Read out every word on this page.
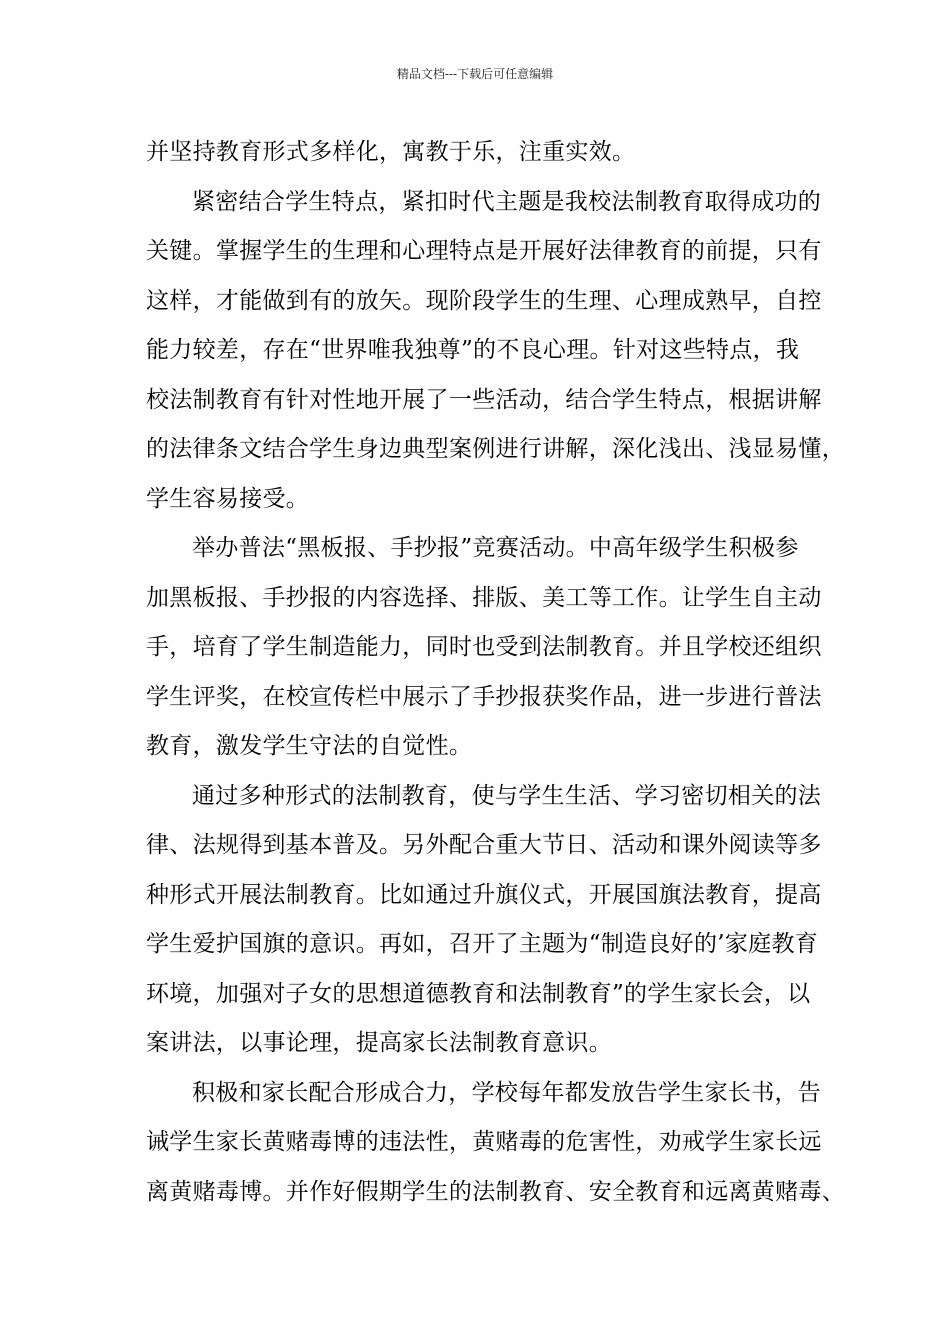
精品文档---下载后可任意编辑

并坚持教育形式多样化，寓教于乐，注重实效。

紧密结合学生特点，紧扣时代主题是我校法制教育取得成功的

关键。掌握学生的生理和心理特点是开展好法律教育的前提，只有

这样，才能做到有的放矢。现阶段学生的生理、心理成熟早，自控

能力较差，存在“世界唯我独尊”的不良心理。针对这些特点，我

校法制教育有针对性地开展了一些活动，结合学生特点，根据讲解

的法律条文结合学生身边典型案例进行讲解，深化浅出、浅显易懂，

学生容易接受。

举办普法“黑板报、手抄报”竞赛活动。中高年级学生积极参

加黑板报、手抄报的内容选择、排版、美工等工作。让学生自主动

手，培育了学生制造能力，同时也受到法制教育。并且学校还组织

学生评奖，在校宣传栏中展示了手抄报获奖作品，进一步进行普法

教育，激发学生守法的自觉性。

通过多种形式的法制教育，使与学生生活、学习密切相关的法

律、法规得到基本普及。另外配合重大节日、活动和课外阅读等多

种形式开展法制教育。比如通过升旗仪式，开展国旗法教育，提高

学生爱护国旗的意识。再如，召开了主题为“制造良好的’家庭教育

环境，加强对子女的思想道德教育和法制教育”的学生家长会，以

案讲法，以事论理，提高家长法制教育意识。

积极和家长配合形成合力，学校每年都发放告学生家长书，告

诫学生家长黄赌毒博的违法性，黄赌毒的危害性，劝戒学生家长远

离黄赌毒博。并作好假期学生的法制教育、安全教育和远离黄赌毒、
